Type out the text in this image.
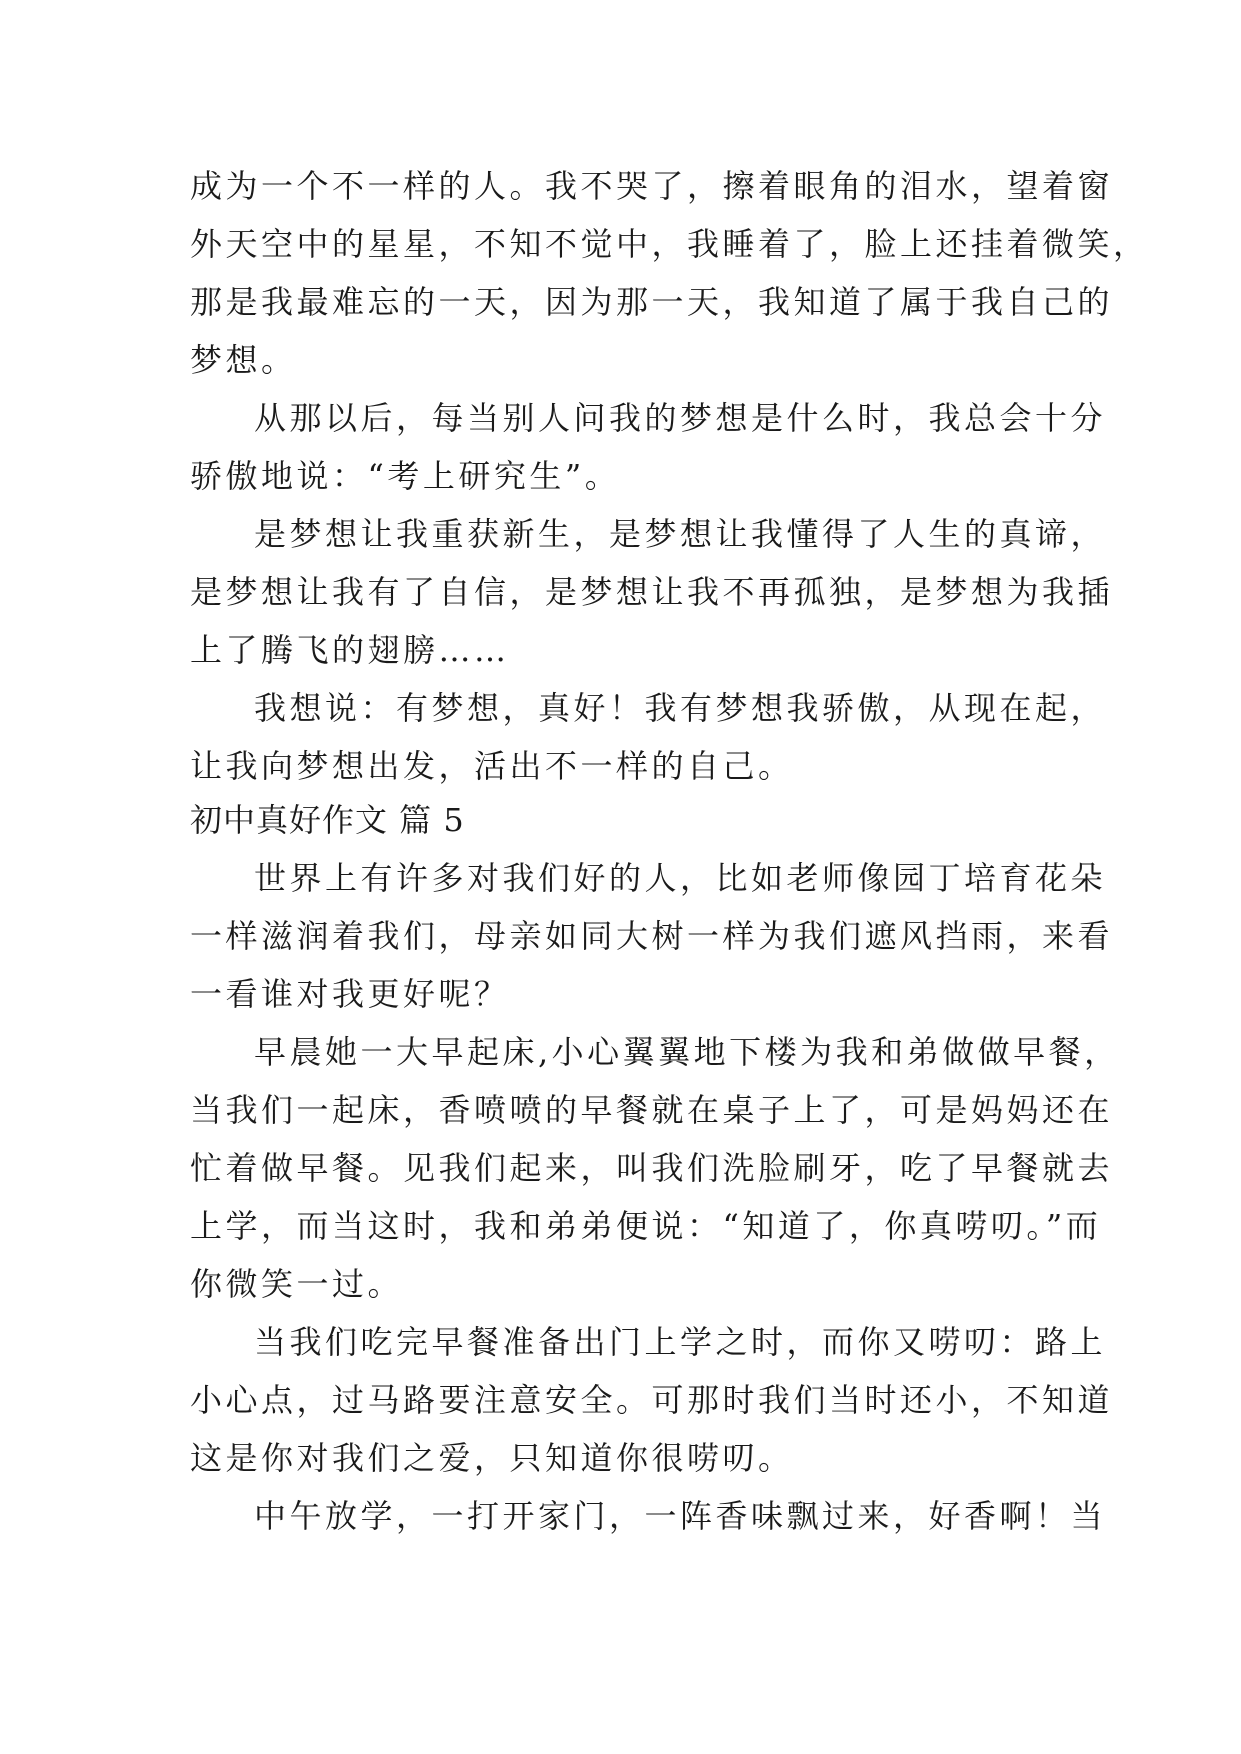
成为一个不一样的人。我不哭了，擦着眼角的泪水，望着窗
外天空中的星星，不知不觉中，我睡着了，脸上还挂着微笑，
那是我最难忘的一天，因为那一天，我知道了属于我自己的
梦想。
从那以后，每当别人问我的梦想是什么时，我总会十分
骄傲地说：“考上研究生”。
是梦想让我重获新生，是梦想让我懂得了人生的真谛，
是梦想让我有了自信，是梦想让我不再孤独，是梦想为我插
上了腾飞的翅膀……
我想说：有梦想，真好！我有梦想我骄傲，从现在起，
让我向梦想出发，活出不一样的自己。
初中真好作文 篇 5
世界上有许多对我们好的人，比如老师像园丁培育花朵
一样滋润着我们，母亲如同大树一样为我们遮风挡雨，来看
一看谁对我更好呢？
早晨她一大早起床,小心翼翼地下楼为我和弟做做早餐，
当我们一起床，香喷喷的早餐就在桌子上了，可是妈妈还在
忙着做早餐。见我们起来，叫我们洗脸刷牙，吃了早餐就去
上学，而当这时，我和弟弟便说：“知道了，你真唠叨。”而
你微笑一过。
当我们吃完早餐准备出门上学之时，而你又唠叨：路上
小心点，过马路要注意安全。可那时我们当时还小，不知道
这是你对我们之爱，只知道你很唠叨。
中午放学，一打开家门，一阵香味飘过来，好香啊！当
